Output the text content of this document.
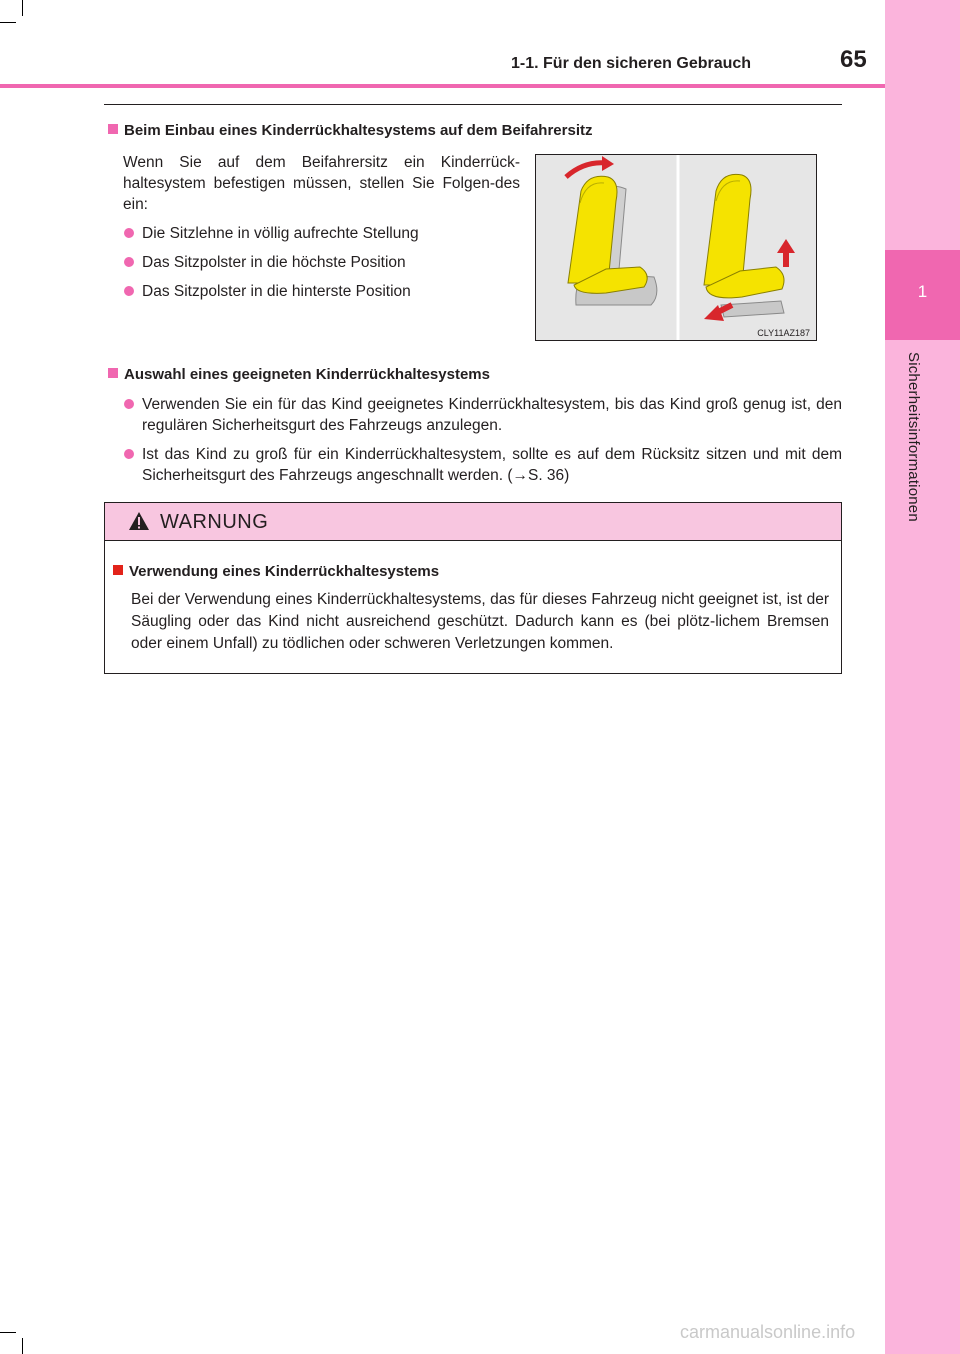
1
Sicherheitsinformationen
1-1. Für den sicheren Gebrauch	65
Beim Einbau eines Kinderrückhaltesystems auf dem Beifahrersitz
Wenn Sie auf dem Beifahrersitz ein Kinderrück-haltesystem befestigen müssen, stellen Sie Folgen-des ein:
Die Sitzlehne in völlig aufrechte Stellung
Das Sitzpolster in die höchste Position
Das Sitzpolster in die hinterste Position
CLY11AZ187
Auswahl eines geeigneten Kinderrückhaltesystems
Verwenden Sie ein für das Kind geeignetes Kinderrückhaltesystem, bis das Kind groß genug ist, den regulären Sicherheitsgurt des Fahrzeugs anzulegen.
Ist das Kind zu groß für ein Kinderrückhaltesystem, sollte es auf dem Rücksitz sitzen und mit dem Sicherheitsgurt des Fahrzeugs angeschnallt werden. (→S. 36)
WARNUNG
Verwendung eines Kinderrückhaltesystems
Bei der Verwendung eines Kinderrückhaltesystems, das für dieses Fahrzeug nicht geeignet ist, ist der Säugling oder das Kind nicht ausreichend geschützt. Dadurch kann es (bei plötz-lichem Bremsen oder einem Unfall) zu tödlichen oder schweren Verletzungen kommen.
carmanualsonline.info
